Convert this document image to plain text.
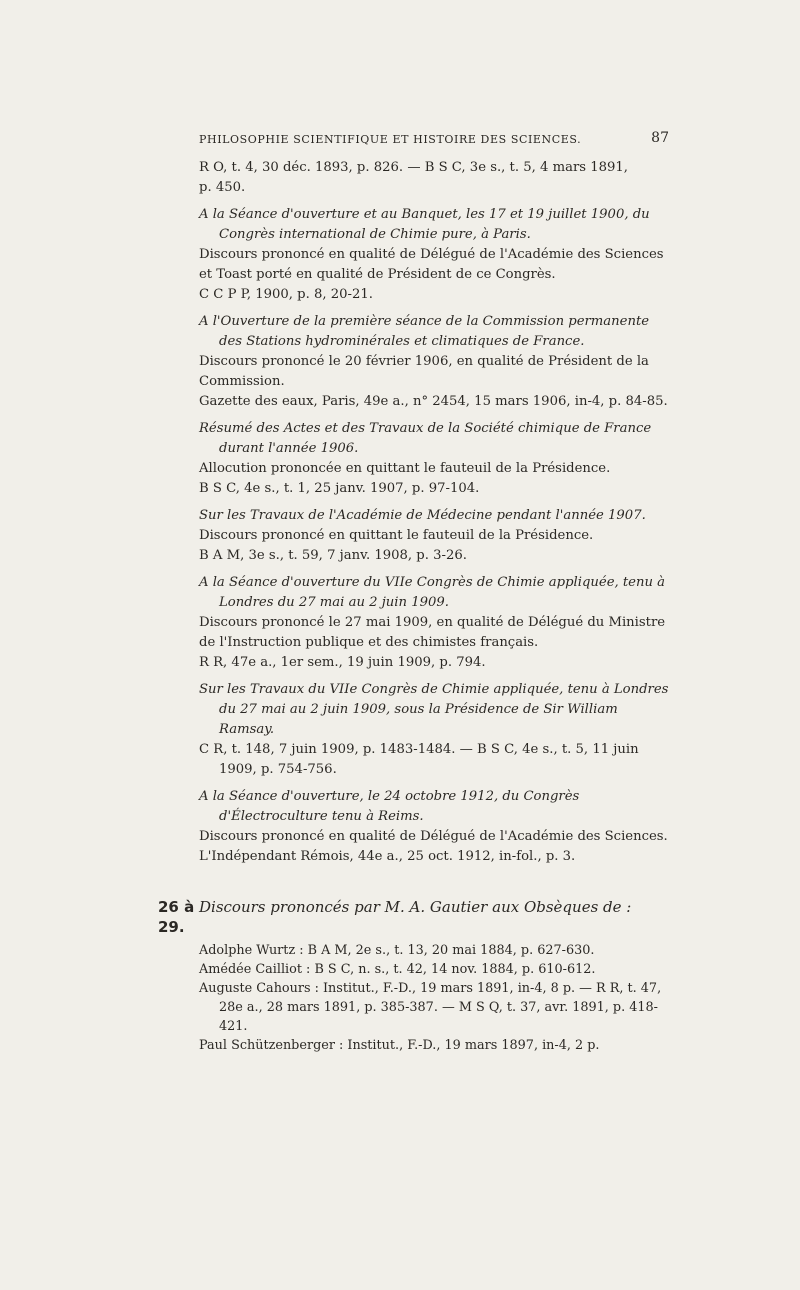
PHILOSOPHIE SCIENTIFIQUE ET HISTOIRE DES SCIENCES.	87

R O, t. 4, 30 déc. 1893, p. 826. — B S C, 3e s., t. 5, 4 mars 1891,

p. 450.

A la Séance d'ouverture et au Banquet, les 17 et 19 juillet 1900, du Congrès international de Chimie pure, à Paris.

Discours prononcé en qualité de Délégué de l'Académie des Sciences et Toast porté en qualité de Président de ce Congrès.

C C P P, 1900, p. 8, 20-21.

A l'Ouverture de la première séance de la Commission permanente des Stations hydrominérales et climatiques de France.

Discours prononcé le 20 février 1906, en qualité de Président de la Commission.

Gazette des eaux, Paris, 49e a., n° 2454, 15 mars 1906, in-4, p. 84-85.

Résumé des Actes et des Travaux de la Société chimique de France durant l'année 1906.

Allocution prononcée en quittant le fauteuil de la Présidence.

B S C, 4e s., t. 1, 25 janv. 1907, p. 97-104.

Sur les Travaux de l'Académie de Médecine pendant l'année 1907.

Discours prononcé en quittant le fauteuil de la Présidence.

B A M, 3e s., t. 59, 7 janv. 1908, p. 3-26.

A la Séance d'ouverture du VIIe Congrès de Chimie appliquée, tenu à Londres du 27 mai au 2 juin 1909.

Discours prononcé le 27 mai 1909, en qualité de Délégué du Ministre de l'Instruction publique et des chimistes français.

R R, 47e a., 1er sem., 19 juin 1909, p. 794.

Sur les Travaux du VIIe Congrès de Chimie appliquée, tenu à Londres du 27 mai au 2 juin 1909, sous la Présidence de Sir William Ramsay.

C R, t. 148, 7 juin 1909, p. 1483-1484. — B S C, 4e s., t. 5, 11 juin 1909, p. 754-756.

A la Séance d'ouverture, le 24 octobre 1912, du Congrès d'Électroculture tenu à Reims.

Discours prononcé en qualité de Délégué de l'Académie des Sciences.

L'Indépendant Rémois, 44e a., 25 oct. 1912, in-fol., p. 3.

26 à 29.
Discours prononcés par M. A. Gautier aux Obsèques de :

Adolphe Wurtz : B A M, 2e s., t. 13, 20 mai 1884, p. 627-630.

Amédée Cailliot : B S C, n. s., t. 42, 14 nov. 1884, p. 610-612.

Auguste Cahours : Institut., F.-D., 19 mars 1891, in-4, 8 p. — R R, t. 47, 28e a., 28 mars 1891, p. 385-387. — M S Q, t. 37, avr. 1891, p. 418-421.

Paul Schützenberger : Institut., F.-D., 19 mars 1897, in-4, 2 p.
